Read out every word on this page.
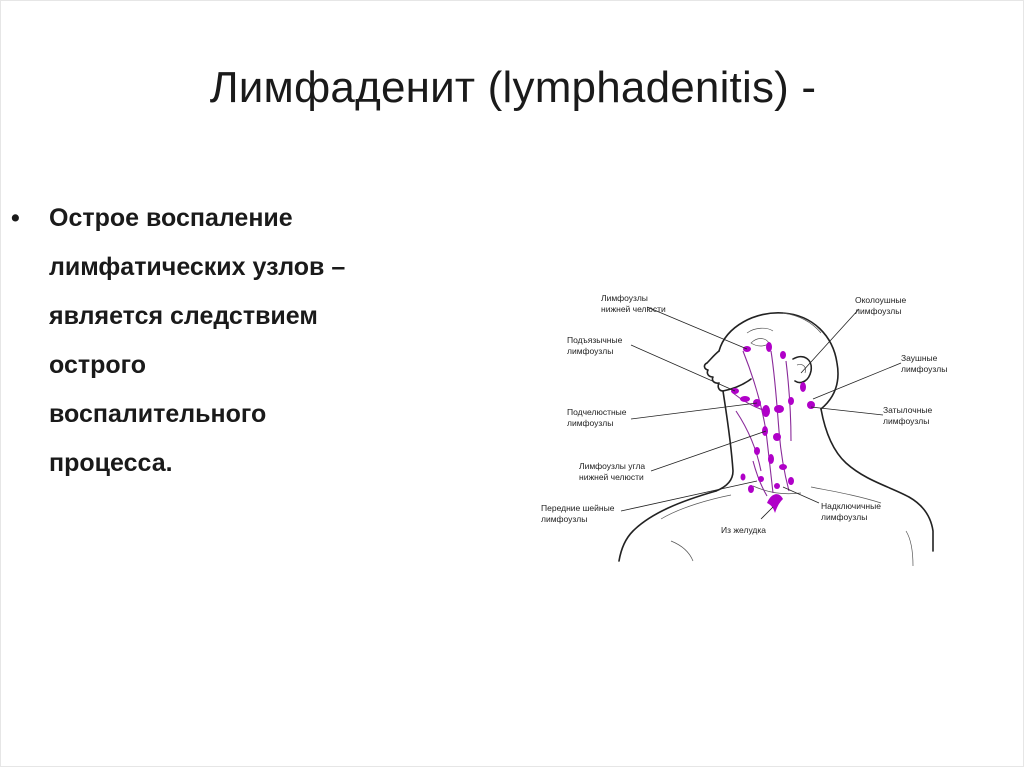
Лимфаденит (lymphadenitis) -
• Острое воспаление
лимфатических узлов –
является следствием
острого
воспалительного
процесса.
Лимфоузлы
нижней челюсти
Околоушные
лимфоузлы
Подъязычные
лимфоузлы
Заушные
лимфоузлы
Подчелюстные
лимфоузлы
Затылочные
лимфоузлы
Лимфоузлы угла
нижней челюсти
Передние шейные
лимфоузлы
Надключичные
лимфоузлы
Из желудка
